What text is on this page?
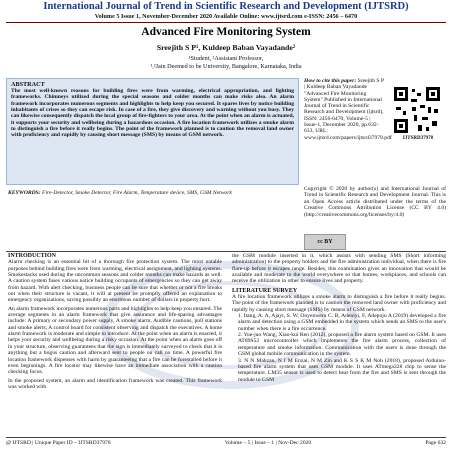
International Journal of Trend in Scientific Research and Development (IJTSRD)
Volume 5 Issue 1, November-December 2020 Available Online: www.ijtsrd.com e-ISSN: 2456 – 6470
Advanced Fire Monitoring System
Sreejith S P¹, Kuldeep Baban Vayadande²
¹Student, ²Assistant Professor,
¹,²Jain Deemed to be University, Bangalore, Karnataka, India
ABSTRACT
The most well-known reasons for building fires were from warming, electrical appropriation, and lighting frameworks. Chimneys utilized during the special seasons and colder months can make risks also. An alarm framework incorporates numerous segments and highlights to help keep you secured. It spares lives by notice building inhabitants of crises so they can escape risk. In case of a fire, they give discovery and warning without you busy. They can likewise consequently dispatch the local group of fire-fighters to your area. At the point when an alarm is actuated, it supports your security and wellbeing during a hazardous occasion. A fire location framework utilizes a smoke alarm to distinguish a fire before it really begins. The point of the framework planned is to caution the removal land owner with proficiency and rapidly by causing short message (SMS) by means of GSM network.
KEYWORDS: Fire-Detector, Smoke Detector, Fire Alarm, Temperature device, SMS, GSM Network
How to cite this paper: Sreejith S P | Kuldeep Baban Vayadande "Advanced Fire Monitoring System" Published in International Journal of Trend in Scientific Research and Development (ijtsrd), ISSN: 2456-6470, Volume-5 | Issue-1, December 2020, pp.632-633, URL: www.ijtsrd.com/papers/ijtsrd37978.pdf	IJTSRD37978
Copyright © 2020 by author(s) and International Journal of Trend in Scientific Research and Development Journal. This is an Open Access article distributed under the terms of the Creative Commons Attribution License (CC BY 4.0) (http://creativecommons.org/licenses/by/4.0)
cc BY
INTRODUCTION
Alarm checking is an essential bit of a thorough fire protection system. The most notable purposes behind building fires were from warming, electrical assignment, and lighting systems. Smokestacks used during the uncommon seasons and colder months can make hazards as well. A caution system fuses various notice building occupants of emergencies so they can get away from hazard. With alert checking, business people can be sure that whether or not a fire breaks out when their structure is vacant, it will at present be promptly offered an explanation to emergency organizations, saving possibly an enormous number of dollars in property hurt.
An alarm framework incorporates numerous parts and highlights to help keep you ensured. The average segments in an alarm framework that give assurance and life-sparing advantages include: A primary or secondary power supply, A smoke alarm, Audible cautions, pull stations and smoke alerts, A control board for consistent observing and dispatch the executives. A home alarm framework is moderate and simple to introduce. At the point when an alarm is enacted, it helps your security and wellbeing during a risky occasion. At the point when an alarm goes off in your structure, observing guarantees that the sign is immediately surveyed to check that it is anything but a bogus caution and afterward sent to people on call no time. A powerful fire location framework dispenses with harm by guaranteeing that a fire can be forestalled before it even beginnings. A fire locator may likewise have an immediate association with a caution checking focus.
In the proposed system, an alarm and identification framework was created. This framework was worked with
the GSM module inserted in it, which assists with sending SMS (Short informing administration) to the property holders and the fire administration individual, when there is fire flare-up before it escapes range. Besides, this examination gives an innovation that would be available and moderate to the world everywhere so that homes, workplaces, and schools can receive the utilization in other to ensure lives and property.
LITERATURE SURVEY
A fire location framework utilizes a smoke alarm to distinguish a fire before it really begins. The point of the framework planned is to caution the removed land owner with proficiency and rapidly by causing short message (SMS) by means of GSM network.
1. Itang, A. A, Ajayi, S. W, Onyenweru C. B, Adeniyi, F, Adepoju A (2019) developed a fire alarm and detection using a GSM embedded in the system which sends an SMS to the user's number when there is a fire occurrence.
2. Yue-juo Wang, Xiao-kui Ren (2012), proposed a fire alarm system based on GSM. It uses AT89S52 microcontroller which implements the fire alarm process, collection of temperature and smoke information. Communication with the users is done through the GSM global mobile communication in the system.
3. N N Mahzan, N I M Enzai, N M Zin and K S S K M Noh (2018), proposed Arduino-based fire alarm system that uses GSM module. It uses ATmega328 chip to sense the temperature. LM35 sensor is used to detect heat from the fire and SMS is sent through the module to GSM
@ IJTSRD | Unique Paper ID – IJTSRD37978	Volume – 5 | Issue – 1 | Nov-Dec 2020	Page 632
